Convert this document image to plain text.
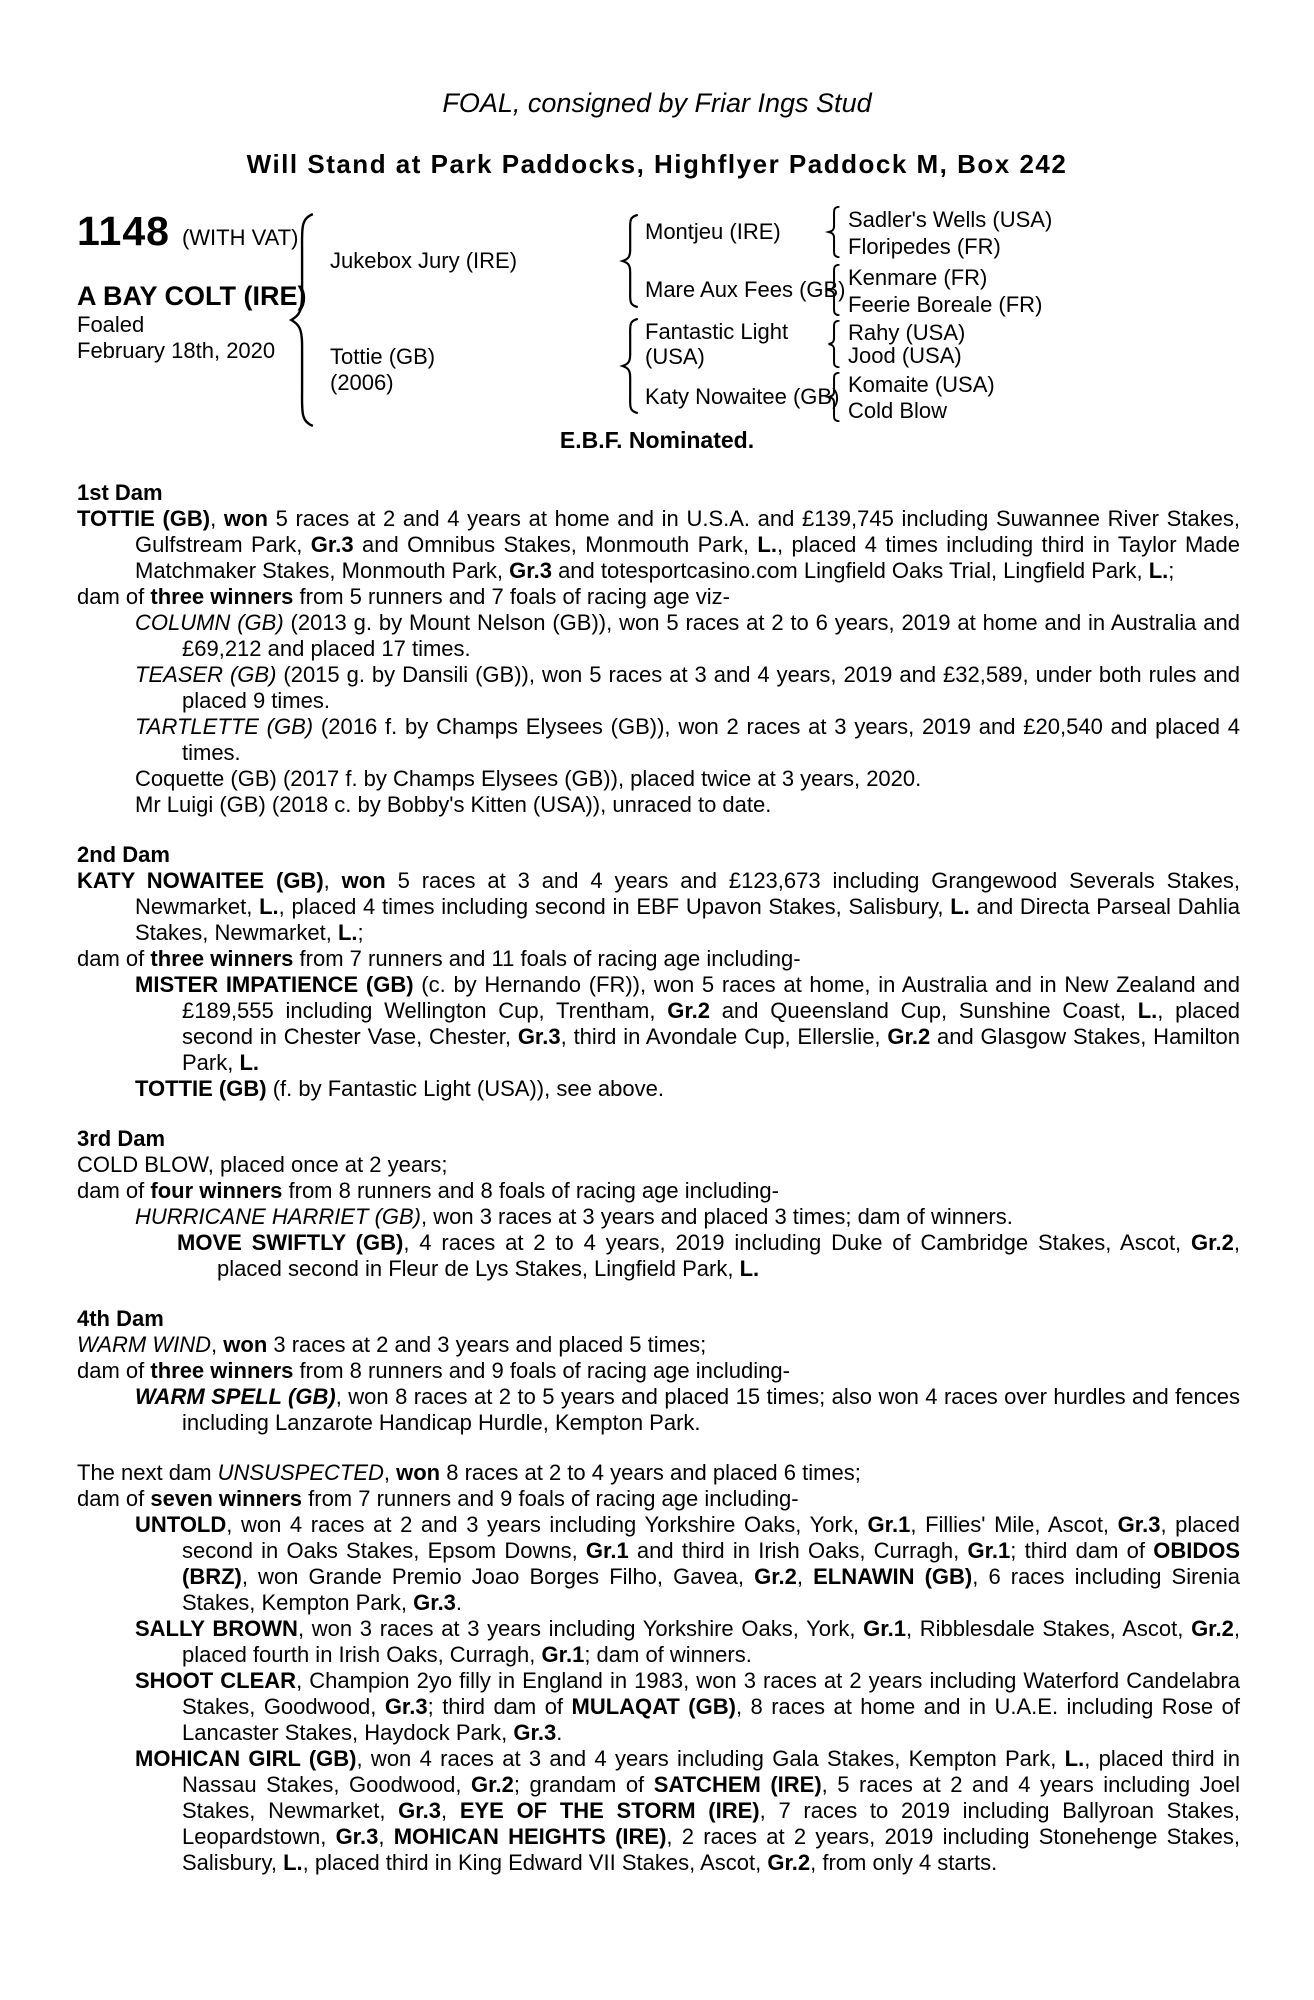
FOAL, consigned by Friar Ings Stud
Will Stand at Park Paddocks, Highflyer Paddock M, Box 242
1148 (WITH VAT)
A BAY COLT (IRE)
Foaled
February 18th, 2020
Jukebox Jury (IRE)
Tottie (GB)
(2006)
Montjeu (IRE)
Mare Aux Fees (GB)
Fantastic Light (USA)
Katy Nowaitee (GB)
Sadler's Wells (USA)
Floripedes (FR)
Kenmare (FR)
Feerie Boreale (FR)
Rahy (USA)
Jood (USA)
Komaite (USA)
Cold Blow
E.B.F. Nominated.
1st Dam

TOTTIE (GB), won 5 races at 2 and 4 years at home and in U.S.A. and £139,745 including Suwannee River Stakes, Gulfstream Park, Gr.3 and Omnibus Stakes, Monmouth Park, L., placed 4 times including third in Taylor Made Matchmaker Stakes, Monmouth Park, Gr.3 and totesportcasino.com Lingfield Oaks Trial, Lingfield Park, L.;

dam of three winners from 5 runners and 7 foals of racing age viz-

COLUMN (GB) (2013 g. by Mount Nelson (GB)), won 5 races at 2 to 6 years, 2019 at home and in Australia and £69,212 and placed 17 times.

TEASER (GB) (2015 g. by Dansili (GB)), won 5 races at 3 and 4 years, 2019 and £32,589, under both rules and placed 9 times.

TARTLETTE (GB) (2016 f. by Champs Elysees (GB)), won 2 races at 3 years, 2019 and £20,540 and placed 4 times.

Coquette (GB) (2017 f. by Champs Elysees (GB)), placed twice at 3 years, 2020.

Mr Luigi (GB) (2018 c. by Bobby's Kitten (USA)), unraced to date.

2nd Dam

KATY NOWAITEE (GB), won 5 races at 3 and 4 years and £123,673 including Grangewood Severals Stakes, Newmarket, L., placed 4 times including second in EBF Upavon Stakes, Salisbury, L. and Directa Parseal Dahlia Stakes, Newmarket, L.;

dam of three winners from 7 runners and 11 foals of racing age including-

MISTER IMPATIENCE (GB) (c. by Hernando (FR)), won 5 races at home, in Australia and in New Zealand and £189,555 including Wellington Cup, Trentham, Gr.2 and Queensland Cup, Sunshine Coast, L., placed second in Chester Vase, Chester, Gr.3, third in Avondale Cup, Ellerslie, Gr.2 and Glasgow Stakes, Hamilton Park, L.

TOTTIE (GB) (f. by Fantastic Light (USA)), see above.

3rd Dam

COLD BLOW, placed once at 2 years;

dam of four winners from 8 runners and 8 foals of racing age including-

HURRICANE HARRIET (GB), won 3 races at 3 years and placed 3 times; dam of winners.

MOVE SWIFTLY (GB), 4 races at 2 to 4 years, 2019 including Duke of Cambridge Stakes, Ascot, Gr.2, placed second in Fleur de Lys Stakes, Lingfield Park, L.

4th Dam

WARM WIND, won 3 races at 2 and 3 years and placed 5 times;

dam of three winners from 8 runners and 9 foals of racing age including-

WARM SPELL (GB), won 8 races at 2 to 5 years and placed 15 times; also won 4 races over hurdles and fences including Lanzarote Handicap Hurdle, Kempton Park.

The next dam UNSUSPECTED, won 8 races at 2 to 4 years and placed 6 times;

dam of seven winners from 7 runners and 9 foals of racing age including-

UNTOLD, won 4 races at 2 and 3 years including Yorkshire Oaks, York, Gr.1, Fillies' Mile, Ascot, Gr.3, placed second in Oaks Stakes, Epsom Downs, Gr.1 and third in Irish Oaks, Curragh, Gr.1; third dam of OBIDOS (BRZ), won Grande Premio Joao Borges Filho, Gavea, Gr.2, ELNAWIN (GB), 6 races including Sirenia Stakes, Kempton Park, Gr.3.

SALLY BROWN, won 3 races at 3 years including Yorkshire Oaks, York, Gr.1, Ribblesdale Stakes, Ascot, Gr.2, placed fourth in Irish Oaks, Curragh, Gr.1; dam of winners.

SHOOT CLEAR, Champion 2yo filly in England in 1983, won 3 races at 2 years including Waterford Candelabra Stakes, Goodwood, Gr.3; third dam of MULAQAT (GB), 8 races at home and in U.A.E. including Rose of Lancaster Stakes, Haydock Park, Gr.3.

MOHICAN GIRL (GB), won 4 races at 3 and 4 years including Gala Stakes, Kempton Park, L., placed third in Nassau Stakes, Goodwood, Gr.2; grandam of SATCHEM (IRE), 5 races at 2 and 4 years including Joel Stakes, Newmarket, Gr.3, EYE OF THE STORM (IRE), 7 races to 2019 including Ballyroan Stakes, Leopardstown, Gr.3, MOHICAN HEIGHTS (IRE), 2 races at 2 years, 2019 including Stonehenge Stakes, Salisbury, L., placed third in King Edward VII Stakes, Ascot, Gr.2, from only 4 starts.
